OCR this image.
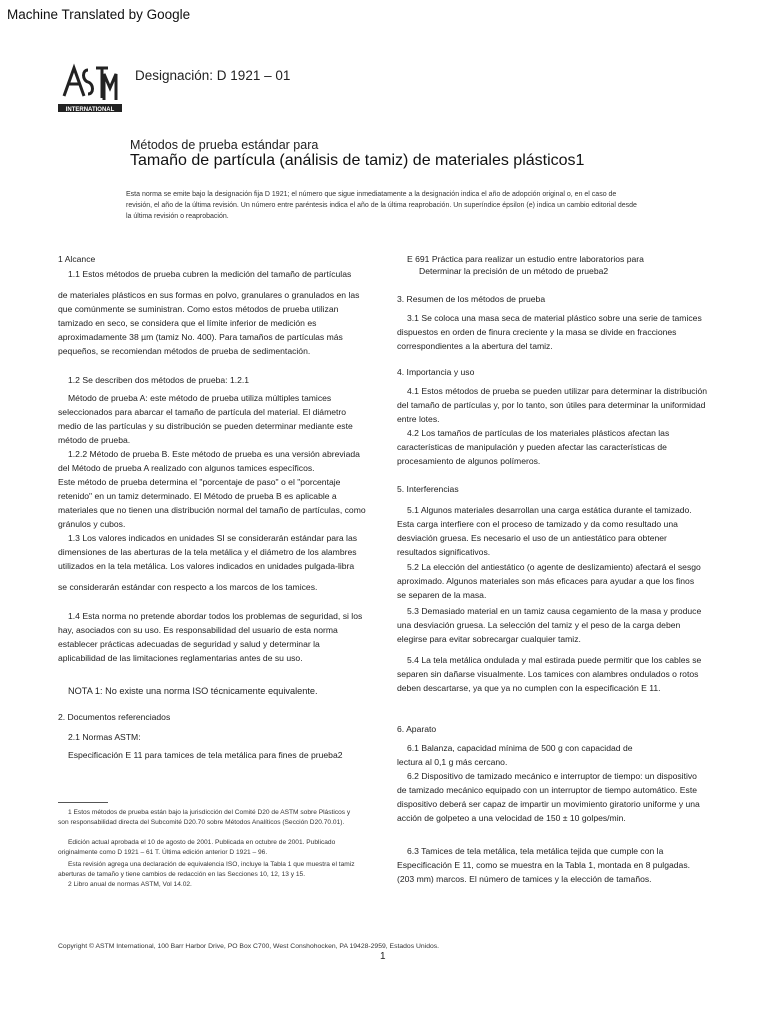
Machine Translated by Google
INTERNATIONAL
Designación: D 1921 – 01
Métodos de prueba estándar para
Tamaño de partícula (análisis de tamiz) de materiales plásticos1
Esta norma se emite bajo la designación fija D 1921; el número que sigue inmediatamente a la designación indica el año de adopción original o, en el caso de
revisión, el año de la última revisión. Un número entre paréntesis indica el año de la última reaprobación. Un superíndice épsilon (e) indica un cambio editorial desde
la última revisión o reaprobación.
1 Alcance
1.1 Estos métodos de prueba cubren la medición del tamaño de partículas
de materiales plásticos en sus formas en polvo, granulares o granulados en las
que comúnmente se suministran. Como estos métodos de prueba utilizan
tamizado en seco, se considera que el límite inferior de medición es
aproximadamente 38 µm (tamiz No. 400). Para tamaños de partículas más
pequeños, se recomiendan métodos de prueba de sedimentación.
1.2 Se describen dos métodos de prueba: 1.2.1
Método de prueba A: este método de prueba utiliza múltiples tamices
seleccionados para abarcar el tamaño de partícula del material. El diámetro
medio de las partículas y su distribución se pueden determinar mediante este
método de prueba.
1.2.2 Método de prueba B. Este método de prueba es una versión abreviada
del Método de prueba A realizado con algunos tamices específicos.
Este método de prueba determina el "porcentaje de paso" o el "porcentaje
retenido" en un tamiz determinado. El Método de prueba B es aplicable a
materiales que no tienen una distribución normal del tamaño de partículas, como
gránulos y cubos.
1.3 Los valores indicados en unidades SI se considerarán estándar para las
dimensiones de las aberturas de la tela metálica y el diámetro de los alambres
utilizados en la tela metálica. Los valores indicados en unidades pulgada-libra
se considerarán estándar con respecto a los marcos de los tamices.
1.4 Esta norma no pretende abordar todos los problemas de seguridad, si los
hay, asociados con su uso. Es responsabilidad del usuario de esta norma
establecer prácticas adecuadas de seguridad y salud y determinar la
aplicabilidad de las limitaciones reglamentarias antes de su uso.
NOTA 1: No existe una norma ISO técnicamente equivalente.
2. Documentos referenciados
2.1 Normas ASTM:
Especificación E 11 para tamices de tela metálica para fines de prueba2
E 691 Práctica para realizar un estudio entre laboratorios para
Determinar la precisión de un método de prueba2
3. Resumen de los métodos de prueba
3.1 Se coloca una masa seca de material plástico sobre una serie de tamices
dispuestos en orden de finura creciente y la masa se divide en fracciones
correspondientes a la abertura del tamiz.
4. Importancia y uso
4.1 Estos métodos de prueba se pueden utilizar para determinar la distribución
del tamaño de partículas y, por lo tanto, son útiles para determinar la uniformidad
entre lotes.
4.2 Los tamaños de partículas de los materiales plásticos afectan las
características de manipulación y pueden afectar las características de
procesamiento de algunos polímeros.
5. Interferencias
5.1 Algunos materiales desarrollan una carga estática durante el tamizado.
Esta carga interfiere con el proceso de tamizado y da como resultado una
desviación gruesa. Es necesario el uso de un antiestático para obtener
resultados significativos.
5.2 La elección del antiestático (o agente de deslizamiento) afectará el sesgo
aproximado. Algunos materiales son más eficaces para ayudar a que los finos
se separen de la masa.
5.3 Demasiado material en un tamiz causa cegamiento de la masa y produce
una desviación gruesa. La selección del tamiz y el peso de la carga deben
elegirse para evitar sobrecargar cualquier tamiz.
5.4 La tela metálica ondulada y mal estirada puede permitir que los cables se
separen sin dañarse visualmente. Los tamices con alambres ondulados o rotos
deben descartarse, ya que ya no cumplen con la especificación E 11.
6. Aparato
6.1 Balanza, capacidad mínima de 500 g con capacidad de
lectura al 0,1 g más cercano.
6.2 Dispositivo de tamizado mecánico e interruptor de tiempo: un dispositivo
de tamizado mecánico equipado con un interruptor de tiempo automático. Este
dispositivo deberá ser capaz de impartir un movimiento giratorio uniforme y una
acción de golpeteo a una velocidad de 150 ± 10 golpes/min.
6.3 Tamices de tela metálica, tela metálica tejida que cumple con la
Especificación E 11, como se muestra en la Tabla 1, montada en 8 pulgadas.
(203 mm) marcos. El número de tamices y la elección de tamaños.
1 Estos métodos de prueba están bajo la jurisdicción del Comité D20 de ASTM sobre Plásticos y
son responsabilidad directa del Subcomité D20.70 sobre Métodos Analíticos (Sección D20.70.01).
Edición actual aprobada el 10 de agosto de 2001. Publicada en octubre de 2001. Publicado
originalmente como D 1921 – 61 T. Última edición anterior D 1921 – 96.
Esta revisión agrega una declaración de equivalencia ISO, incluye la Tabla 1 que muestra el tamiz
aberturas de tamaño y tiene cambios de redacción en las Secciones 10, 12, 13 y 15.
2 Libro anual de normas ASTM, Vol 14.02.
Copyright © ASTM International, 100 Barr Harbor Drive, PO Box C700, West Conshohocken, PA 19428-2959, Estados Unidos.
1
